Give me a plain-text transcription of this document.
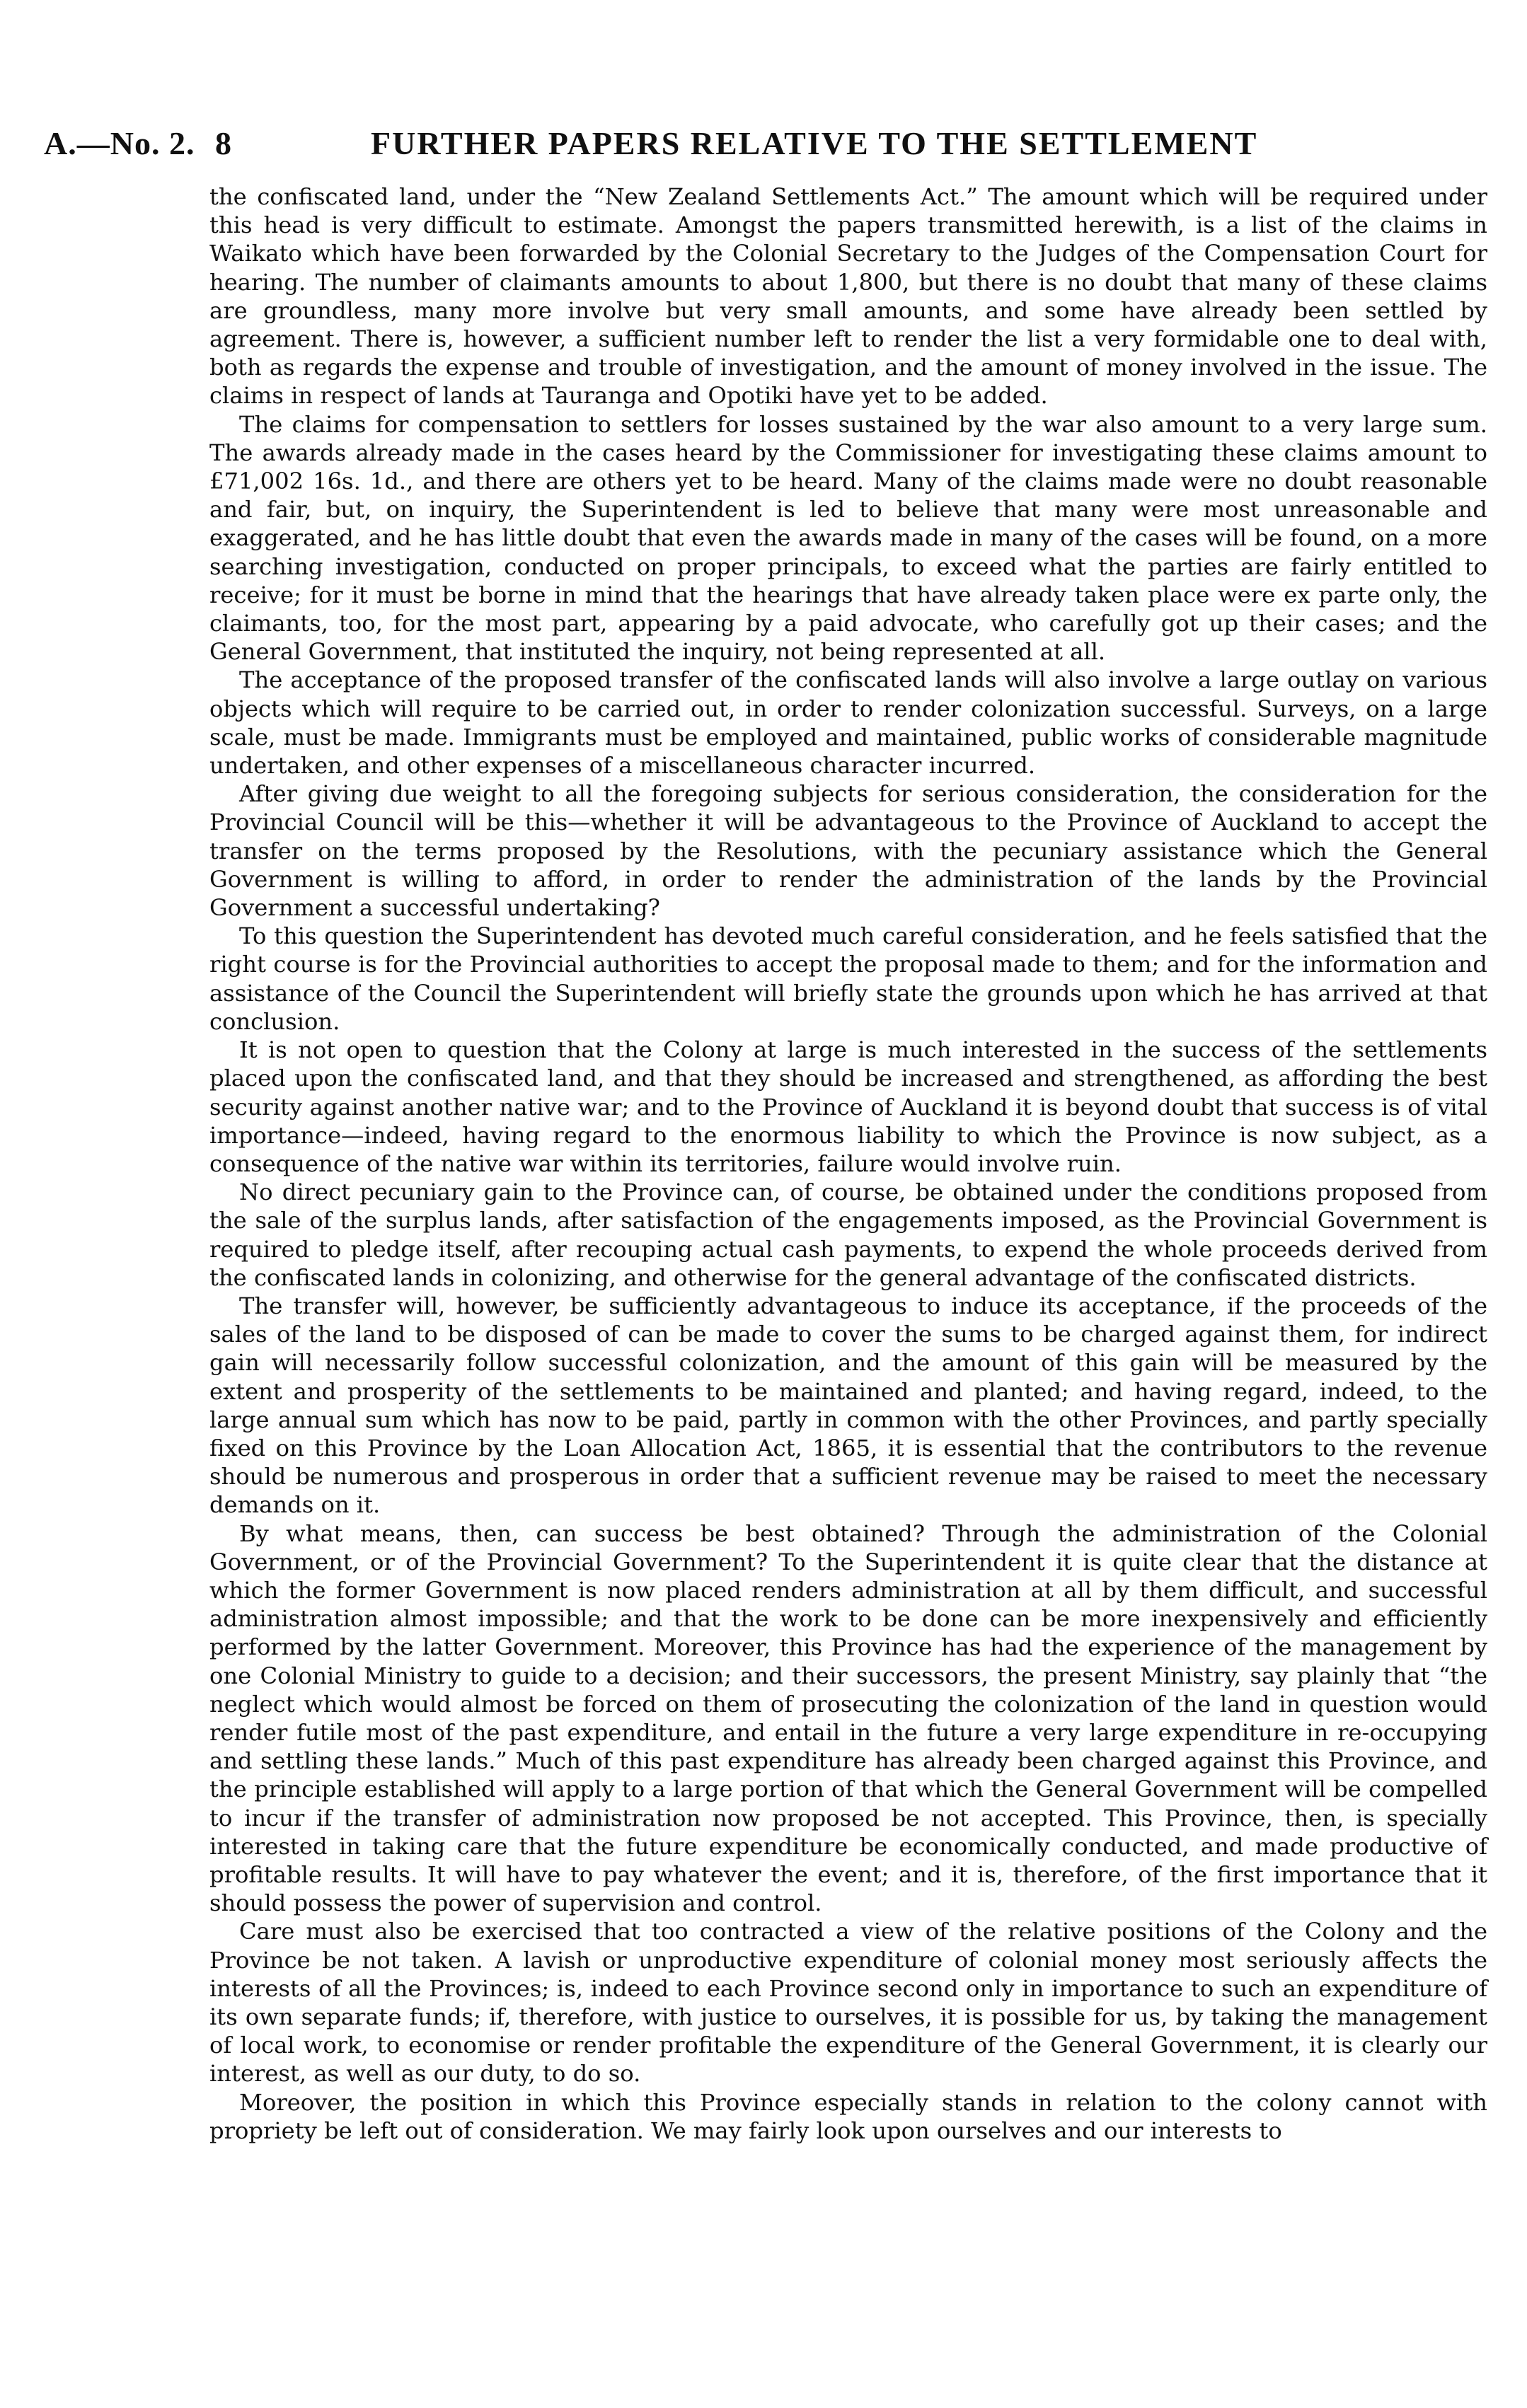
A.—No. 2. 8	FURTHER PAPERS RELATIVE TO THE SETTLEMENT

the confiscated land, under the “New Zealand Settlements Act.” The amount which will be required under this head is very difficult to estimate. Amongst the papers transmitted herewith, is a list of the claims in Waikato which have been forwarded by the Colonial Secretary to the Judges of the Compensation Court for hearing. The number of claimants amounts to about 1,800, but there is no doubt that many of these claims are groundless, many more involve but very small amounts, and some have already been settled by agreement. There is, however, a sufficient number left to render the list a very formidable one to deal with, both as regards the expense and trouble of investigation, and the amount of money involved in the issue. The claims in respect of lands at Tauranga and Opotiki have yet to be added.

The claims for compensation to settlers for losses sustained by the war also amount to a very large sum. The awards already made in the cases heard by the Commissioner for investigating these claims amount to £71,002 16s. 1d., and there are others yet to be heard. Many of the claims made were no doubt reasonable and fair, but, on inquiry, the Superintendent is led to believe that many were most unreasonable and exaggerated, and he has little doubt that even the awards made in many of the cases will be found, on a more searching investigation, conducted on proper principals, to exceed what the parties are fairly entitled to receive; for it must be borne in mind that the hearings that have already taken place were ex parte only, the claimants, too, for the most part, appearing by a paid advocate, who carefully got up their cases; and the General Government, that instituted the inquiry, not being represented at all.

The acceptance of the proposed transfer of the confiscated lands will also involve a large outlay on various objects which will require to be carried out, in order to render colonization successful. Surveys, on a large scale, must be made. Immigrants must be employed and maintained, public works of considerable magnitude undertaken, and other expenses of a miscellaneous character incurred.

After giving due weight to all the foregoing subjects for serious consideration, the consideration for the Provincial Council will be this—whether it will be advantageous to the Province of Auckland to accept the transfer on the terms proposed by the Resolutions, with the pecuniary assistance which the General Government is willing to afford, in order to render the administration of the lands by the Provincial Government a successful undertaking?

To this question the Superintendent has devoted much careful consideration, and he feels satisfied that the right course is for the Provincial authorities to accept the proposal made to them; and for the information and assistance of the Council the Superintendent will briefly state the grounds upon which he has arrived at that conclusion.

It is not open to question that the Colony at large is much interested in the success of the settlements placed upon the confiscated land, and that they should be increased and strengthened, as affording the best security against another native war; and to the Province of Auckland it is beyond doubt that success is of vital importance—indeed, having regard to the enormous liability to which the Province is now subject, as a consequence of the native war within its territories, failure would involve ruin.

No direct pecuniary gain to the Province can, of course, be obtained under the conditions proposed from the sale of the surplus lands, after satisfaction of the engagements imposed, as the Provincial Government is required to pledge itself, after recouping actual cash payments, to expend the whole proceeds derived from the confiscated lands in colonizing, and otherwise for the general advantage of the confiscated districts.

The transfer will, however, be sufficiently advantageous to induce its acceptance, if the proceeds of the sales of the land to be disposed of can be made to cover the sums to be charged against them, for indirect gain will necessarily follow successful colonization, and the amount of this gain will be measured by the extent and prosperity of the settlements to be maintained and planted; and having regard, indeed, to the large annual sum which has now to be paid, partly in common with the other Provinces, and partly specially fixed on this Province by the Loan Allocation Act, 1865, it is essential that the contributors to the revenue should be numerous and prosperous in order that a sufficient revenue may be raised to meet the necessary demands on it.

By what means, then, can success be best obtained? Through the administration of the Colonial Government, or of the Provincial Government? To the Superintendent it is quite clear that the distance at which the former Government is now placed renders administration at all by them difficult, and successful administration almost impossible; and that the work to be done can be more inexpensively and efficiently performed by the latter Government. Moreover, this Province has had the experience of the management by one Colonial Ministry to guide to a decision; and their successors, the present Ministry, say plainly that “the neglect which would almost be forced on them of prosecuting the colonization of the land in question would render futile most of the past expenditure, and entail in the future a very large expenditure in re-occupying and settling these lands.” Much of this past expenditure has already been charged against this Province, and the principle established will apply to a large portion of that which the General Government will be compelled to incur if the transfer of administration now proposed be not accepted. This Province, then, is specially interested in taking care that the future expenditure be economically conducted, and made productive of profitable results. It will have to pay whatever the event; and it is, therefore, of the first importance that it should possess the power of supervision and control.

Care must also be exercised that too contracted a view of the relative positions of the Colony and the Province be not taken. A lavish or unproductive expenditure of colonial money most seriously affects the interests of all the Provinces; is, indeed to each Province second only in importance to such an expenditure of its own separate funds; if, therefore, with justice to ourselves, it is possible for us, by taking the management of local work, to economise or render profitable the expenditure of the General Government, it is clearly our interest, as well as our duty, to do so.

Moreover, the position in which this Province especially stands in relation to the colony cannot with propriety be left out of consideration. We may fairly look upon ourselves and our interests to
